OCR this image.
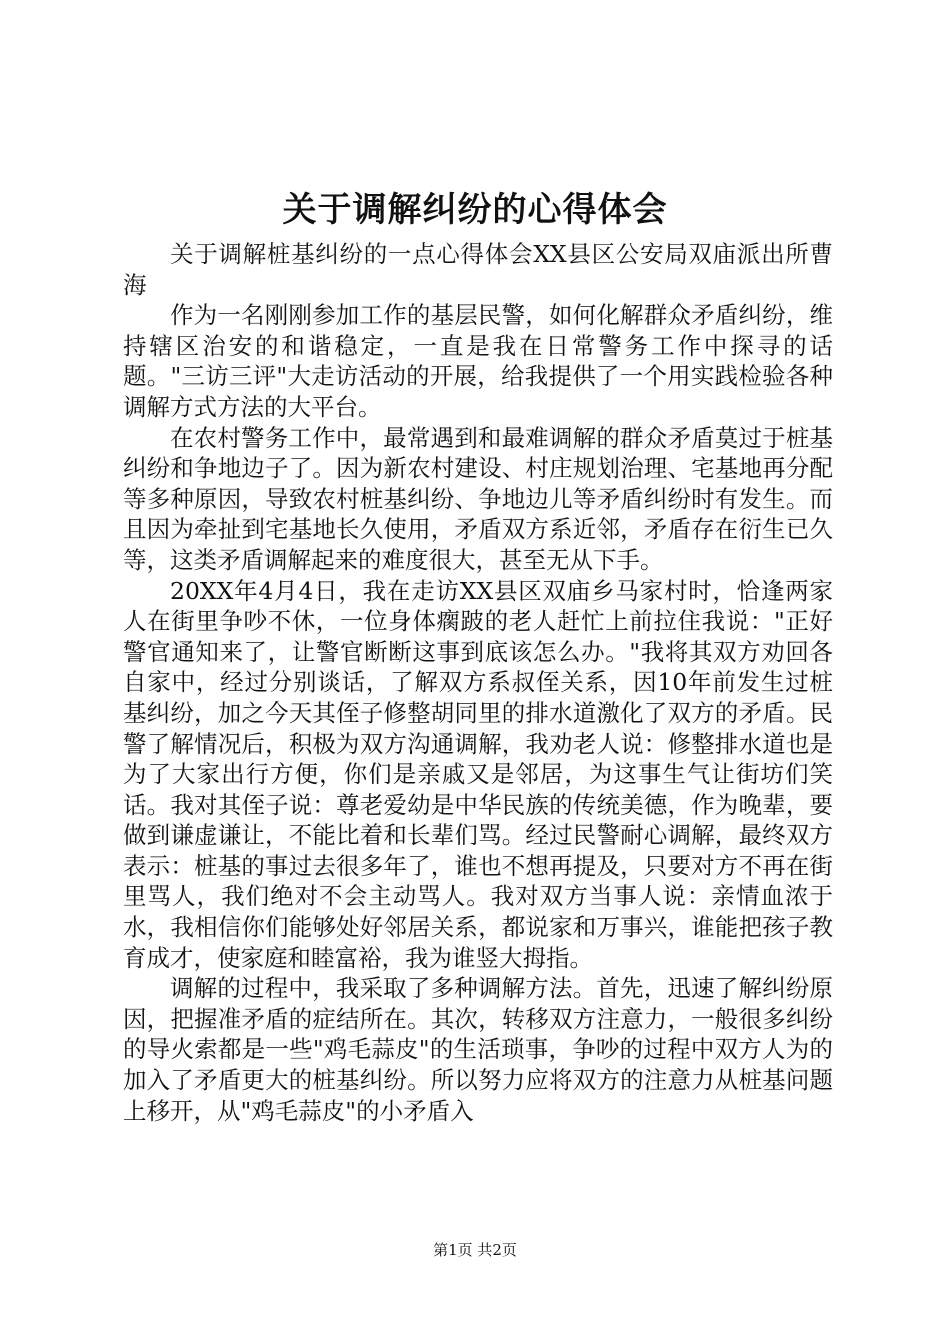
关于调解纠纷的心得体会

关于调解桩基纠纷的一点心得体会XX县区公安局双庙派出所曹海

作为一名刚刚参加工作的基层民警，如何化解群众矛盾纠纷，维持辖区治安的和谐稳定，一直是我在日常警务工作中探寻的话题。"三访三评"大走访活动的开展，给我提供了一个用实践检验各种调解方式方法的大平台。

在农村警务工作中，最常遇到和最难调解的群众矛盾莫过于桩基纠纷和争地边子了。因为新农村建设、村庄规划治理、宅基地再分配等多种原因，导致农村桩基纠纷、争地边儿等矛盾纠纷时有发生。而且因为牵扯到宅基地长久使用，矛盾双方系近邻，矛盾存在衍生已久等，这类矛盾调解起来的难度很大，甚至无从下手。

20XX年4月4日，我在走访XX县区双庙乡马家村时，恰逢两家人在街里争吵不休，一位身体瘸跛的老人赶忙上前拉住我说："正好警官通知来了，让警官断断这事到底该怎么办。"我将其双方劝回各自家中，经过分别谈话，了解双方系叔侄关系，因10年前发生过桩基纠纷，加之今天其侄子修整胡同里的排水道激化了双方的矛盾。民警了解情况后，积极为双方沟通调解，我劝老人说：修整排水道也是为了大家出行方便，你们是亲戚又是邻居，为这事生气让街坊们笑话。我对其侄子说：尊老爱幼是中华民族的传统美德，作为晚辈，要做到谦虚谦让，不能比着和长辈们骂。经过民警耐心调解，最终双方表示：桩基的事过去很多年了，谁也不想再提及，只要对方不再在街里骂人，我们绝对不会主动骂人。我对双方当事人说：亲情血浓于水，我相信你们能够处好邻居关系，都说家和万事兴，谁能把孩子教育成才，使家庭和睦富裕，我为谁竖大拇指。

调解的过程中，我采取了多种调解方法。首先，迅速了解纠纷原因，把握准矛盾的症结所在。其次，转移双方注意力，一般很多纠纷的导火索都是一些"鸡毛蒜皮"的生活琐事，争吵的过程中双方人为的加入了矛盾更大的桩基纠纷。所以努力应将双方的注意力从桩基问题上移开，从"鸡毛蒜皮"的小矛盾入

第1页 共2页
